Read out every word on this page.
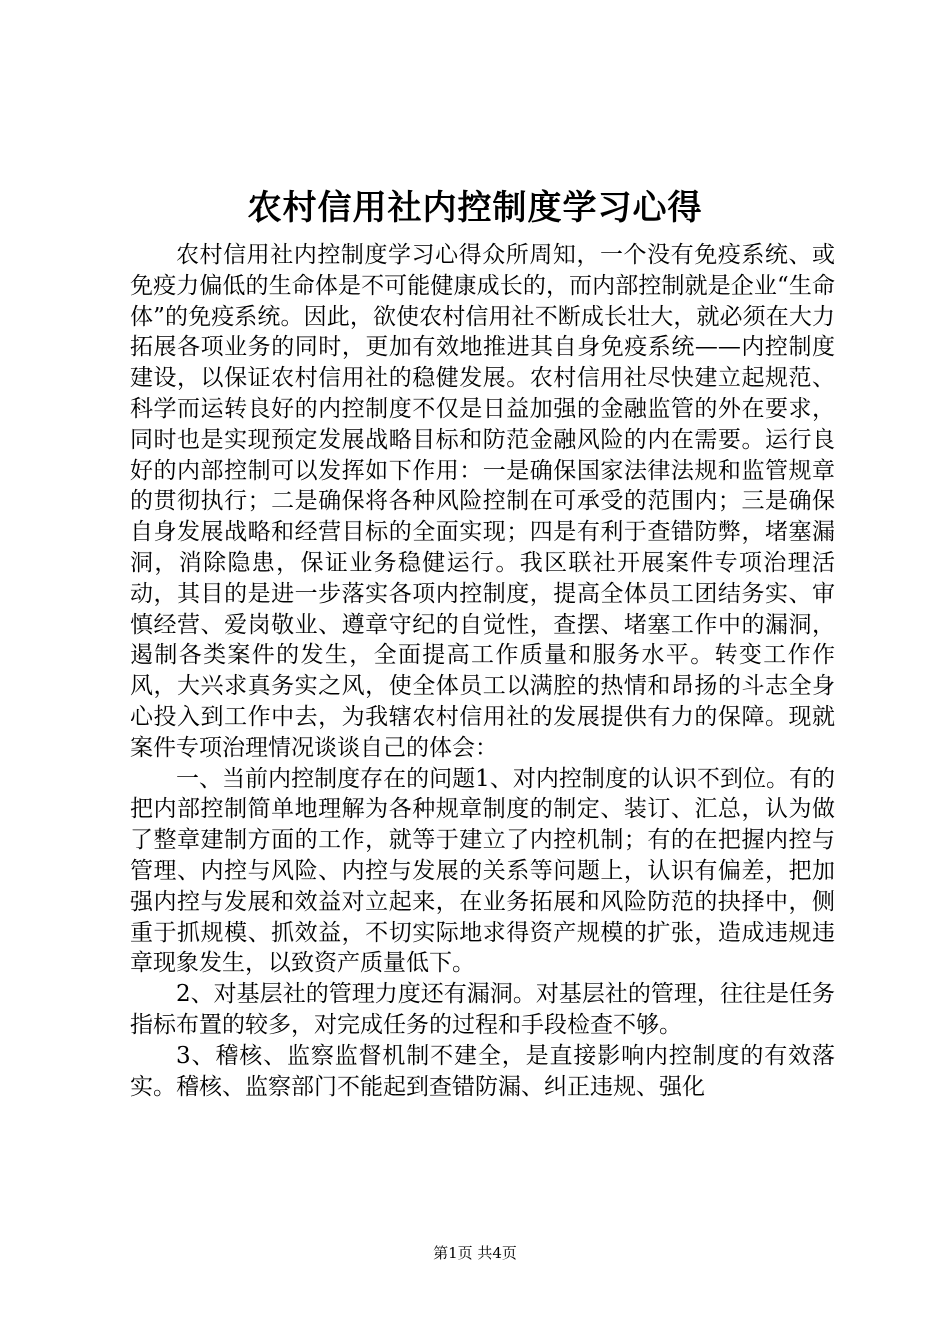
农村信用社内控制度学习心得

农村信用社内控制度学习心得众所周知，一个没有免疫系统、或免疫力偏低的生命体是不可能健康成长的，而内部控制就是企业“生命体”的免疫系统。因此，欲使农村信用社不断成长壮大，就必须在大力拓展各项业务的同时，更加有效地推进其自身免疫系统——内控制度建设，以保证农村信用社的稳健发展。农村信用社尽快建立起规范、科学而运转良好的内控制度不仅是日益加强的金融监管的外在要求，同时也是实现预定发展战略目标和防范金融风险的内在需要。运行良好的内部控制可以发挥如下作用：一是确保国家法律法规和监管规章的贯彻执行；二是确保将各种风险控制在可承受的范围内；三是确保自身发展战略和经营目标的全面实现；四是有利于查错防弊，堵塞漏洞，消除隐患，保证业务稳健运行。我区联社开展案件专项治理活动，其目的是进一步落实各项内控制度，提高全体员工团结务实、审慎经营、爱岗敬业、遵章守纪的自觉性，查摆、堵塞工作中的漏洞，遏制各类案件的发生，全面提高工作质量和服务水平。转变工作作风，大兴求真务实之风，使全体员工以满腔的热情和昂扬的斗志全身心投入到工作中去，为我辖农村信用社的发展提供有力的保障。现就案件专项治理情况谈谈自己的体会：

一、当前内控制度存在的问题1、对内控制度的认识不到位。有的把内部控制简单地理解为各种规章制度的制定、装订、汇总，认为做了整章建制方面的工作，就等于建立了内控机制；有的在把握内控与管理、内控与风险、内控与发展的关系等问题上，认识有偏差，把加强内控与发展和效益对立起来，在业务拓展和风险防范的抉择中，侧重于抓规模、抓效益，不切实际地求得资产规模的扩张，造成违规违章现象发生，以致资产质量低下。

2、对基层社的管理力度还有漏洞。对基层社的管理，往往是任务指标布置的较多，对完成任务的过程和手段检查不够。

3、稽核、监察监督机制不建全，是直接影响内控制度的有效落实。稽核、监察部门不能起到查错防漏、纠正违规、强化

第1页 共4页
